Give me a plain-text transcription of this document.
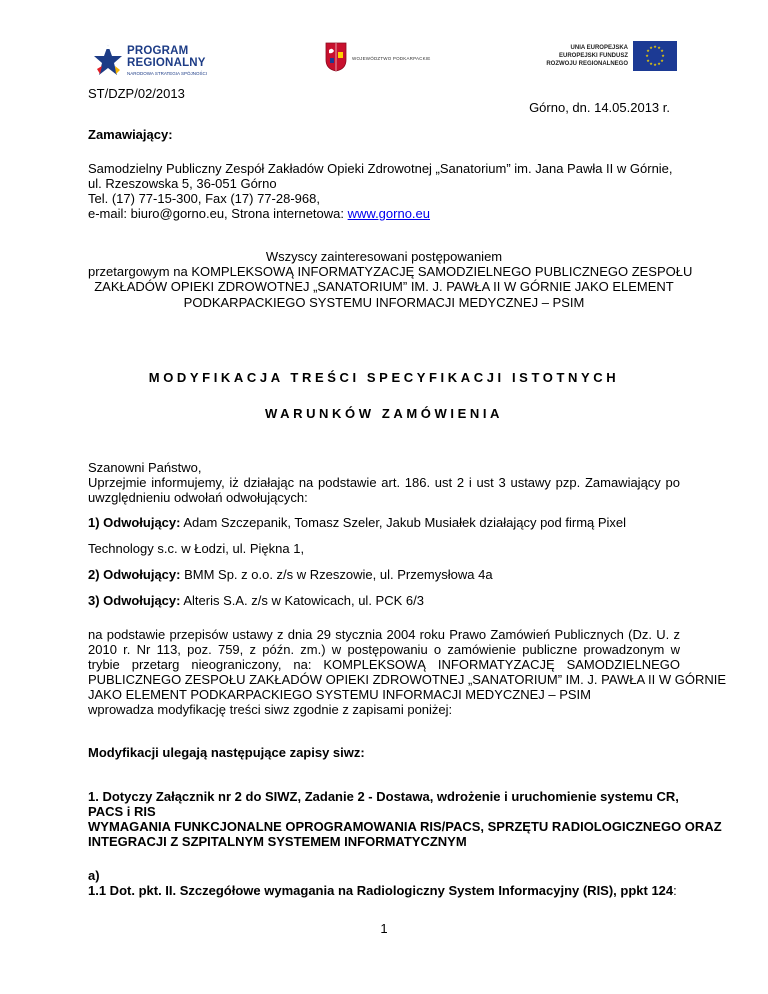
PROGRAM
REGIONALNY
NARODOWA STRATEGIA SPÓJNOŚCI
WOJEWÓDZTWO PODKARPACKIE
UNIA EUROPEJSKA
EUROPEJSKI FUNDUSZ
ROZWOJU REGIONALNEGO
★ ★
★
★
★
★
★
★
★
★
★
★
ST/DZP/02/2013
Górno, dn. 14.05.2013 r.
Zamawiający:
Samodzielny Publiczny Zespół Zakładów Opieki Zdrowotnej „Sanatorium” im. Jana Pawła II w Górnie,
ul. Rzeszowska 5, 36-051 Górno
Tel. (17) 77-15-300, Fax (17) 77-28-968,
e-mail: biuro@gorno.eu, Strona internetowa: www.gorno.eu
Wszyscy zainteresowani postępowaniem
przetargowym na KOMPLEKSOWĄ INFORMATYZACJĘ SAMODZIELNEGO PUBLICZNEGO ZESPOŁU
ZAKŁADÓW OPIEKI ZDROWOTNEJ „SANATORIUM” IM. J. PAWŁA II W GÓRNIE JAKO ELEMENT
PODKARPACKIEGO SYSTEMU INFORMACJI MEDYCZNEJ – PSIM
MODYFIKACJA TREŚCI SPECYFIKACJI ISTOTNYCH
WARUNKÓW ZAMÓWIENIA
Szanowni Państwo,
Uprzejmie informujemy, iż działając na podstawie art. 186. ust 2 i ust 3 ustawy pzp. Zamawiający po
uwzględnieniu odwołań odwołujących:
1) Odwołujący: Adam Szczepanik, Tomasz Szeler, Jakub Musiałek działający pod firmą Pixel
Technology s.c. w Łodzi, ul. Piękna 1,
2) Odwołujący: BMM Sp. z o.o. z/s w Rzeszowie, ul. Przemysłowa 4a
3) Odwołujący: Alteris S.A. z/s w Katowicach, ul. PCK 6/3
na podstawie przepisów ustawy z dnia 29 stycznia 2004 roku Prawo Zamówień Publicznych (Dz. U. z
2010 r. Nr 113, poz. 759, z późn. zm.) w postępowaniu o zamówienie publiczne prowadzonym w
trybie przetarg nieograniczony, na: KOMPLEKSOWĄ INFORMATYZACJĘ SAMODZIELNEGO
PUBLICZNEGO ZESPOŁU ZAKŁADÓW OPIEKI ZDROWOTNEJ „SANATORIUM” IM. J. PAWŁA II W GÓRNIE
JAKO ELEMENT PODKARPACKIEGO SYSTEMU INFORMACJI MEDYCZNEJ – PSIM
wprowadza modyfikację treści siwz zgodnie z zapisami poniżej:
Modyfikacji ulegają następujące zapisy siwz:
1. Dotyczy Załącznik nr 2 do SIWZ, Zadanie 2 - Dostawa, wdrożenie i uruchomienie systemu CR,
PACS i RIS
WYMAGANIA FUNKCJONALNE OPROGRAMOWANIA RIS/PACS, SPRZĘTU RADIOLOGICZNEGO ORAZ
INTEGRACJI Z SZPITALNYM SYSTEMEM INFORMATYCZNYM
a)
1.1 Dot. pkt. II. Szczegółowe wymagania na Radiologiczny System Informacyjny (RIS), ppkt 124:
1
